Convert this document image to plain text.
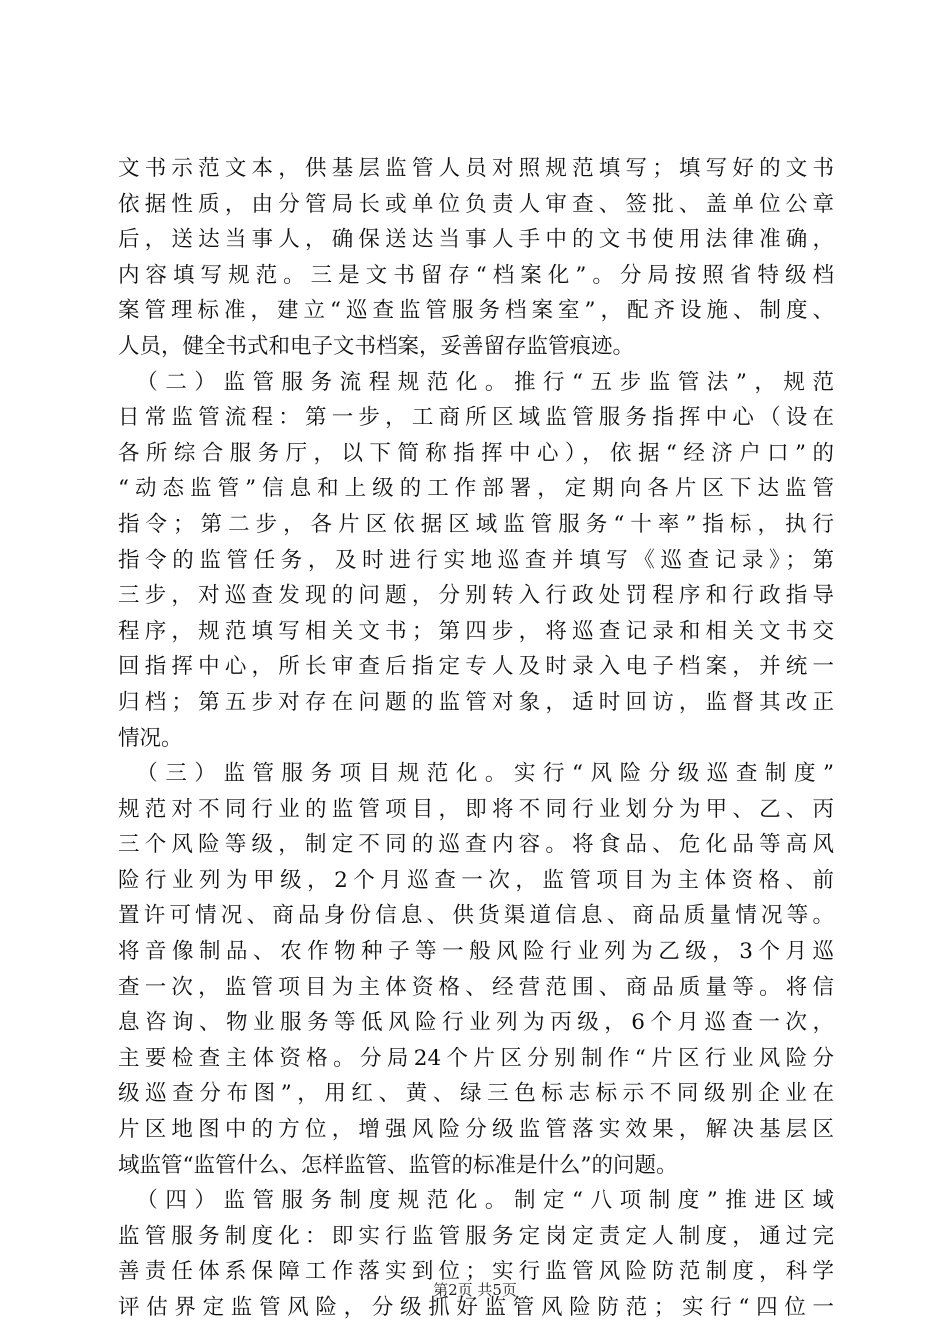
文书示范文本，供基层监管人员对照规范填写；填写好的文书
依据性质，由分管局长或单位负责人审查、签批、盖单位公章
后，送达当事人，确保送达当事人手中的文书使用法律准确，
内容填写规范。三是文书留存“档案化”。分局按照省特级档
案管理标准，建立“巡查监管服务档案室”，配齐设施、制度、
人员，健全书式和电子文书档案，妥善留存监管痕迹。
　（二）监管服务流程规范化。推行“五步监管法”，规范
日常监管流程：第一步，工商所区域监管服务指挥中心（设在
各所综合服务厅，以下简称指挥中心），依据“经济户口”的
“动态监管”信息和上级的工作部署，定期向各片区下达监管
指令；第二步，各片区依据区域监管服务“十率”指标，执行
指令的监管任务，及时进行实地巡查并填写《巡查记录》；第
三步，对巡查发现的问题，分别转入行政处罚程序和行政指导
程序，规范填写相关文书；第四步，将巡查记录和相关文书交
回指挥中心，所长审查后指定专人及时录入电子档案，并统一
归档；第五步对存在问题的监管对象，适时回访，监督其改正
情况。
　（三）监管服务项目规范化。实行“风险分级巡查制度”
规范对不同行业的监管项目，即将不同行业划分为甲、乙、丙
三个风险等级，制定不同的巡查内容。将食品、危化品等高风
险行业列为甲级，2个月巡查一次，监管项目为主体资格、前
置许可情况、商品身份信息、供货渠道信息、商品质量情况等。
将音像制品、农作物种子等一般风险行业列为乙级，3个月巡
查一次，监管项目为主体资格、经营范围、商品质量等。将信
息咨询、物业服务等低风险行业列为丙级，6个月巡查一次，
主要检查主体资格。分局24个片区分别制作“片区行业风险分
级巡查分布图”，用红、黄、绿三色标志标示不同级别企业在
片区地图中的方位，增强风险分级监管落实效果，解决基层区
域监管“监管什么、怎样监管、监管的标准是什么”的问题。
　（四）监管服务制度规范化。制定“八项制度”推进区域
监管服务制度化：即实行监管服务定岗定责定人制度，通过完
善责任体系保障工作落实到位；实行监管风险防范制度，科学
评估界定监管风险，分级抓好监管风险防范；实行“四位一
第2页 共5页
